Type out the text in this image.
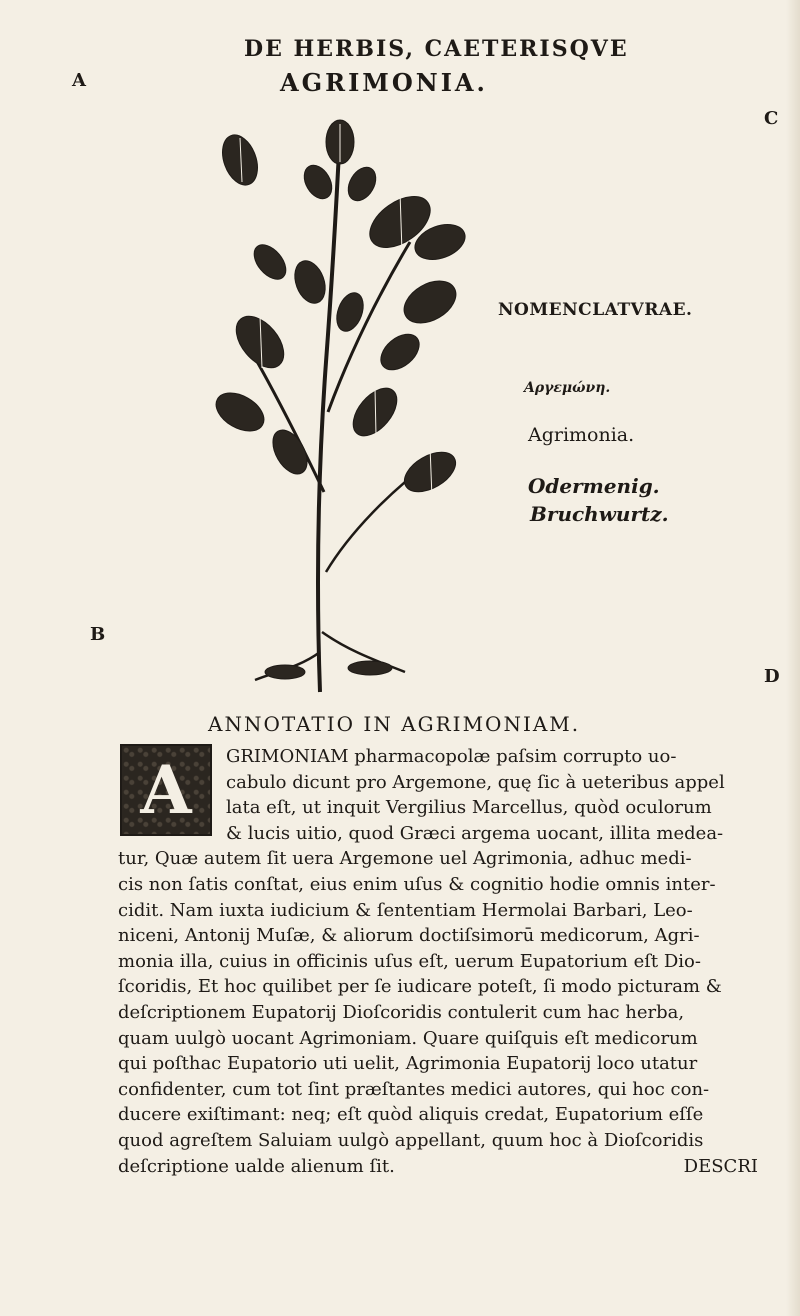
DE HERBIS, CAETERISQVE
AGRIMONIA.
A
B
C
D
NOMENCLATVRAE.
Αργεμώνη.
Agrimonia.
Odermenig.
Bruchwurtz.
ANNOTATIO IN AGRIMONIAM.
A	GRIMONIAM pharmacopolæ paſsim corrupto uo-
cabulo dicunt pro Argemone, quę ſic à ueteribus appel
lata eſt, ut inquit Vergilius Marcellus, quòd oculorum
& lucis uitio, quod Græci argema uocant, illita medea-
tur, Quæ autem ſit uera Argemone uel Agrimonia, adhuc medi-
cis non ſatis conſtat, eius enim uſus & cognitio hodie omnis inter-
cidit. Nam iuxta iudicium & ſententiam Hermolai Barbari, Leo-
niceni, Antonij Muſæ, & aliorum doctiſsimorū medicorum, Agri-
monia illa, cuius in officinis uſus eſt, uerum Eupatorium eſt Dio-
ſcoridis, Et hoc quilibet per ſe iudicare poteſt, ſi modo picturam &
deſcriptionem Eupatorij Dioſcoridis contulerit cum hac herba,
quam uulgò uocant Agrimoniam. Quare quiſquis eſt medicorum
qui poſthac Eupatorio uti uelit, Agrimonia Eupatorij loco utatur
confidenter, cum tot ſint præſtantes medici autores, qui hoc con-
ducere exiſtimant: neq; eſt quòd aliquis credat, Eupatorium eſſe
quod agreſtem Saluiam uulgò appellant, quum hoc à Dioſcoridis
deſcriptione ualde alienum ſit.	DESCRI
